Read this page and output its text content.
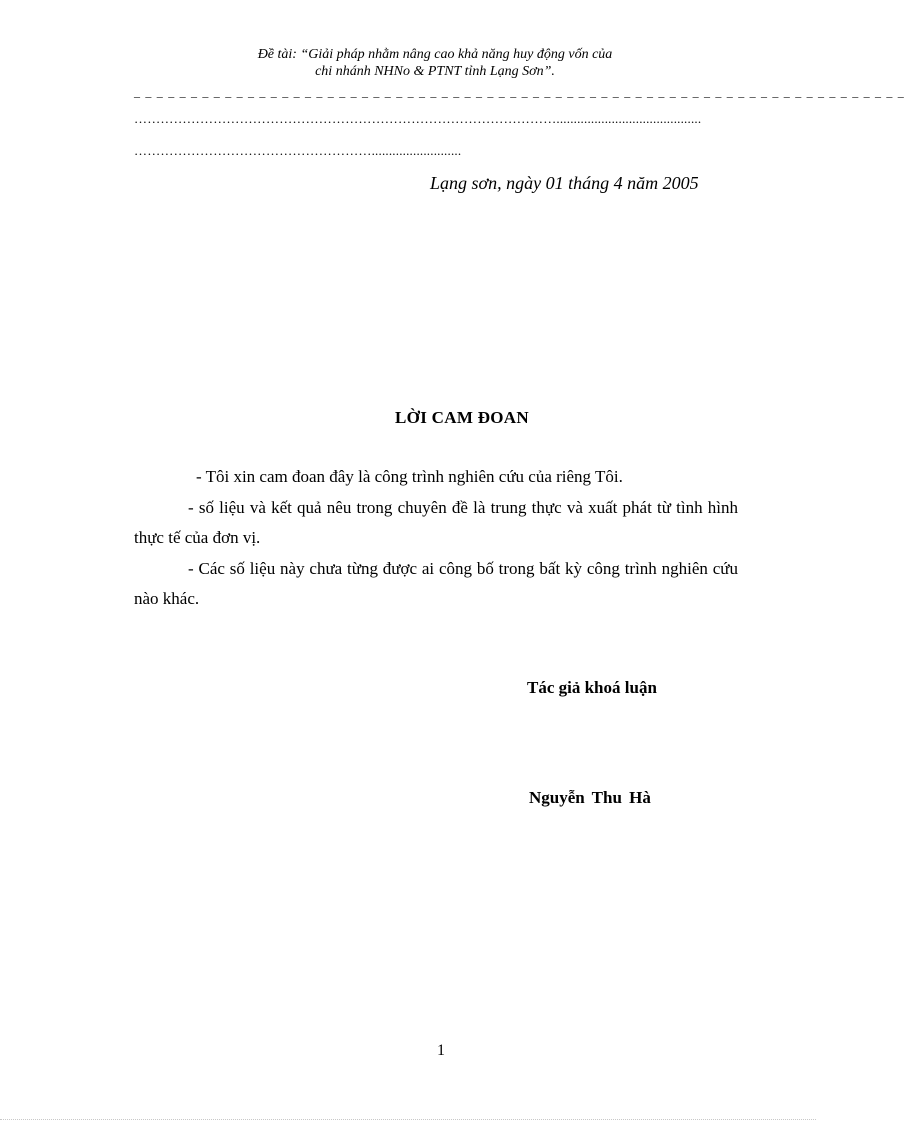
Đề tài: “Giải pháp nhằm nâng cao khả năng huy động vốn của
chi nhánh NHNo & PTNT tỉnh Lạng Sơn”.
_ _ _ _ _ _ _ _ _ _ _ _ _ _ _ _ _ _ _ _ _ _ _ _ _ _ _ _ _ _ _ _ _ _ _ _ _ _ _ _ _ _ _ _ _ _ _ _ _ _ _ _ _ _ _ _ _ _ _ _ _ _ _ _ _ _ _ _
……………………………………………………………………………………..........................................
………………………………………………..........................
Lạng sơn, ngày 01 tháng 4 năm 2005
LỜI CAM ĐOAN

- Tôi xin cam đoan đây là công trình nghiên cứu của riêng Tôi.

- số liệu và kết quả nêu trong chuyên đề là trung thực và xuất phát từ tình hình thực tế của đơn vị.

- Các số liệu này chưa từng được ai công bố trong bất kỳ công trình nghiên cứu nào khác.

Tác giả khoá luận
Nguyễn Thu Hà
1
